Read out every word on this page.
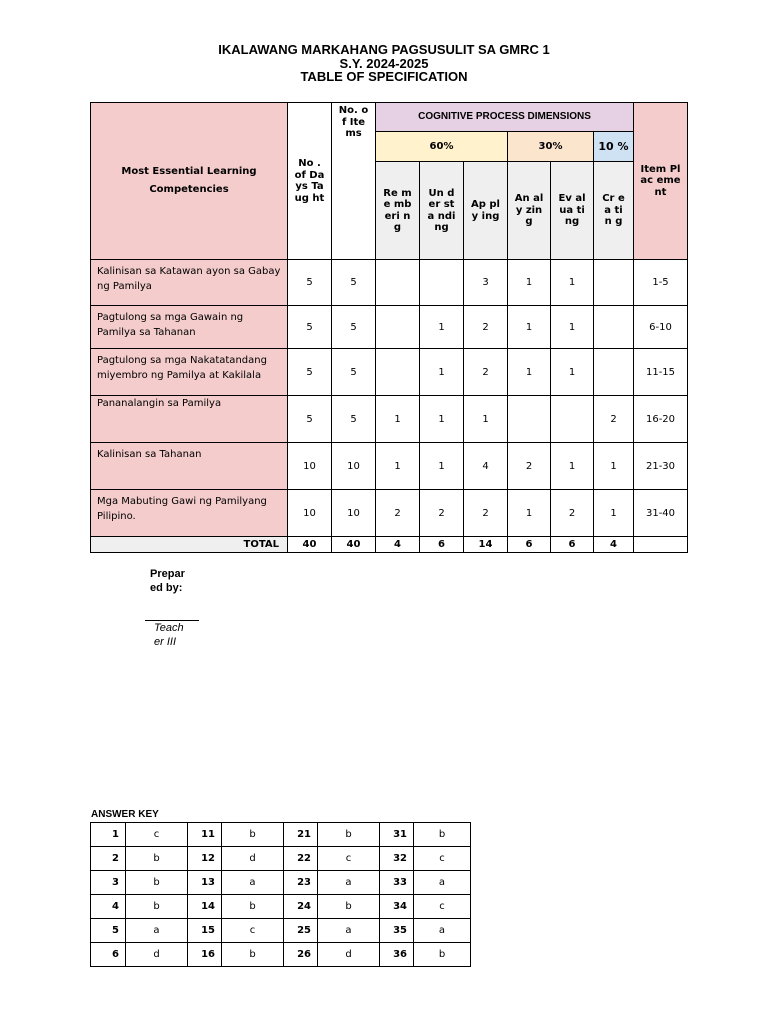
IKALAWANG MARKAHANG PAGSUSULIT SA GMRC 1
S.Y. 2024-2025
TABLE OF SPECIFICATION
Most Essential Learning Competencies	No . of Da ys Ta ug ht	No. of Ite ms	COGNITIVE PROCESS DIMENSIONS						Item Plac eme nt
			60%			30%		10 %	
			Re me mb eri ng	Un der sta ndi ng	Ap ply ing	An aly zin g	Ev al ua ti ng	Cr e a ti n g	
Kalinisan sa Katawan ayon sa Gabay ng Pamilya	5	5			3	1	1		1-5
Pagtulong sa mga Gawain ng Pamilya sa Tahanan	5	5		1	2	1	1		6-10
Pagtulong sa mga Nakatatandang miyembro ng Pamilya at Kakilala	5	5		1	2	1	1		11-15
Pananalangin sa Pamilya	5	5	1	1	1			2	16-20
Kalinisan sa Tahanan	10	10	1	1	4	2	1	1	21-30
Mga Mabuting Gawi ng Pamilyang Pilipino.	10	10	2	2	2	1	2	1	31-40
TOTAL	40	40	4	6	14	6	6	4	
Prepar ed by:
Teach er III
ANSWER KEY
1	c	11	b	21	b	31	b
2	b	12	d	22	c	32	c
3	b	13	a	23	a	33	a
4	b	14	b	24	b	34	c
5	a	15	c	25	a	35	a
6	d	16	b	26	d	36	b
